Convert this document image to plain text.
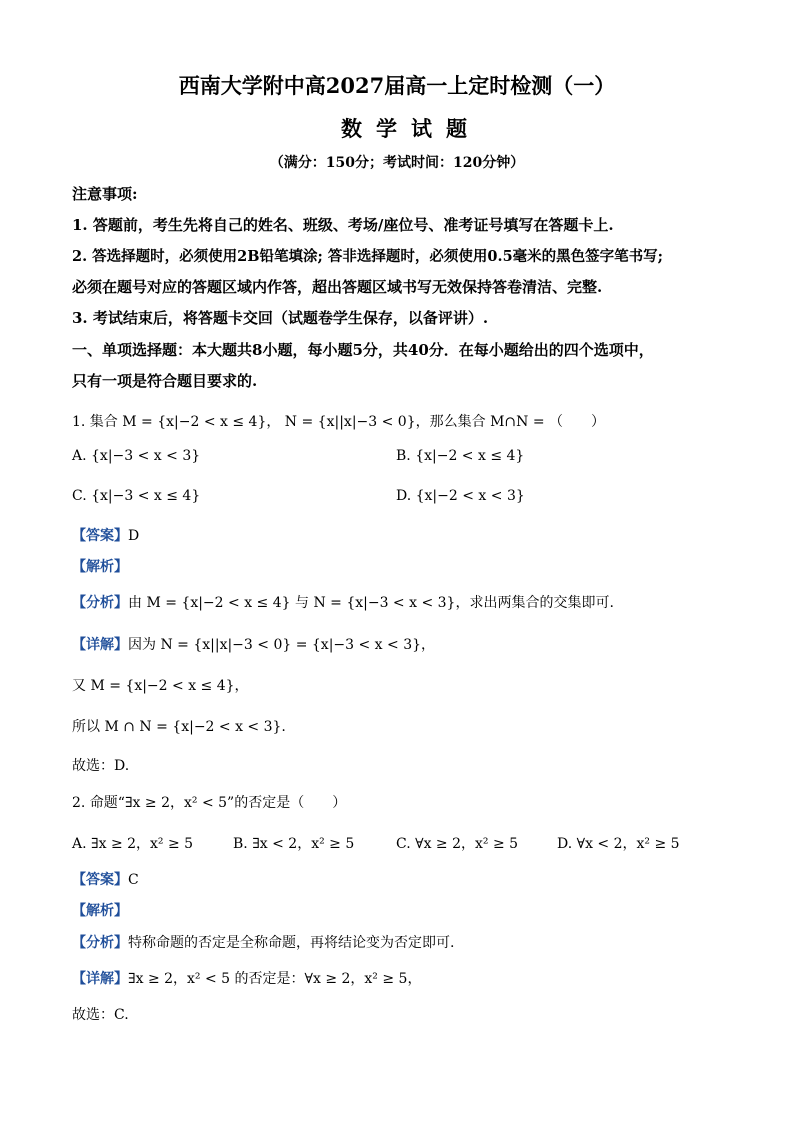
西南大学附中高2027届高一上定时检测（一）
数学试题
（满分：150分；考试时间：120分钟）
注意事项:
1. 答题前，考生先将自己的姓名、班级、考场/座位号、准考证号填写在答题卡上.
2. 答选择题时，必须使用2B铅笔填涂; 答非选择题时，必须使用0.5毫米的黑色签字笔书写;
必须在题号对应的答题区域内作答，超出答题区域书写无效保持答卷清洁、完整.
3. 考试结束后，将答题卡交回（试题卷学生保存，以备评讲）.
一、单项选择题：本大题共8小题，每小题5分，共40分．在每小题给出的四个选项中，
只有一项是符合题目要求的.
1. 集合 M = {x|−2 < x ≤ 4}， N = {x||x|−3 < 0}，那么集合 M∩N = （　　）
A. {x|−3 < x < 3}	B. {x|−2 < x ≤ 4}
C. {x|−3 < x ≤ 4}	D. {x|−2 < x < 3}
【答案】D
【解析】
【分析】由 M = {x|−2 < x ≤ 4} 与 N = {x|−3 < x < 3}，求出两集合的交集即可.
【详解】因为 N = {x||x|−3 < 0} = {x|−3 < x < 3}，
又 M = {x|−2 < x ≤ 4}，
所以 M ∩ N = {x|−2 < x < 3}.
故选：D.
2. 命题“∃x ≥ 2，x² < 5”的否定是（　　）
A. ∃x ≥ 2，x² ≥ 5	B. ∃x < 2，x² ≥ 5	C. ∀x ≥ 2，x² ≥ 5	D. ∀x < 2，x² ≥ 5
【答案】C
【解析】
【分析】特称命题的否定是全称命题，再将结论变为否定即可.
【详解】∃x ≥ 2，x² < 5 的否定是：∀x ≥ 2，x² ≥ 5，
故选：C.
